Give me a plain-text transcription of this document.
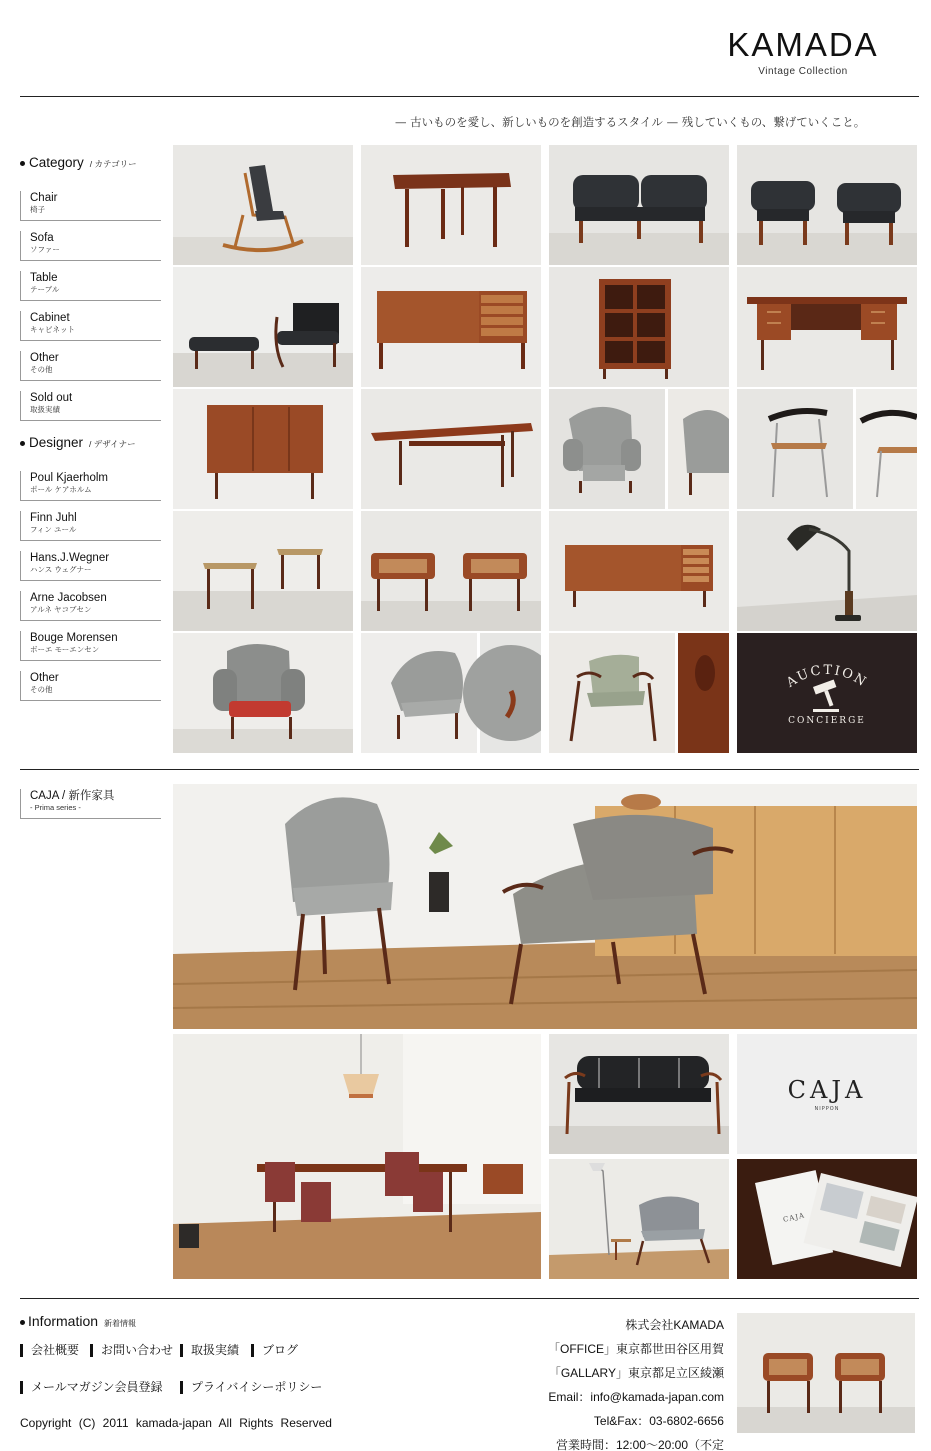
KAMADA
Vintage Collection
— 古いものを愛し、新しいものを創造するスタイル — 残していくもの、繋げていくこと。
Category / カテゴリー
Chair
椅子
Sofa
ソファー
Table
テーブル
Cabinet
キャビネット
Other
その他
Sold out
取扱実績
Designer / デザイナー
Poul Kjaerholm
ポール ケアホルム
Finn Juhl
フィン ユール
Hans.J.Wegner
ハンス ウェグナー
Arne Jacobsen
アルネ ヤコブセン
Bouge Morensen
ボーエ モーエンセン
Other
その他	AUCTION
CONCIERGE
CAJA / 新作家具
- Prima series -
CAJA
NIPPON
CAJA
Information 新着情報
会社概要	お問い合わせ	取扱実績	ブログ
メールマガジン会員登録	プライバイシーポリシー
Copyright (C) 2011 kamada-japan All Rights Reserved
株式会社KAMADA
「OFFICE」東京都世田谷区用賀
「GALLARY」東京都足立区綾瀬
Email：info@kamada-japan.com
Tel&Fax：03-6802-6656
営業時間：12:00〜20:00（不定
